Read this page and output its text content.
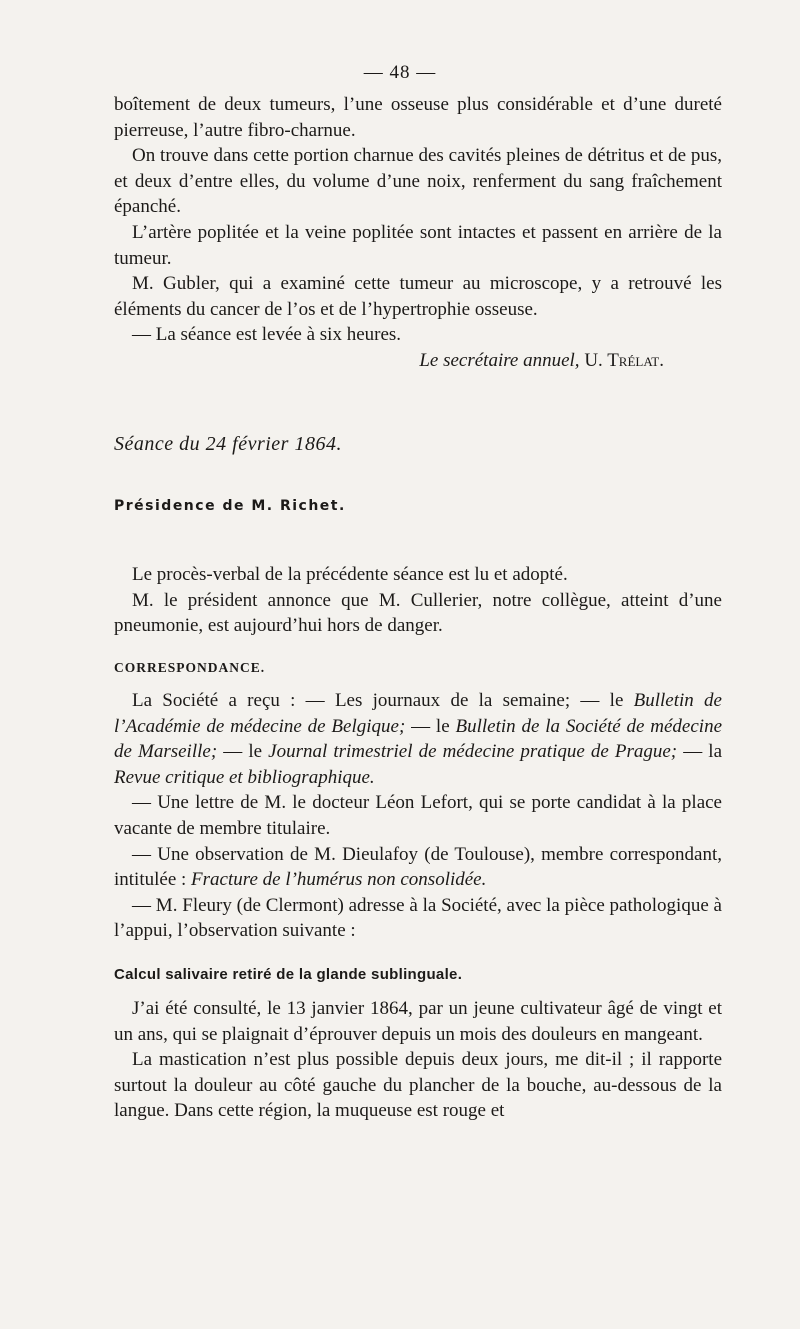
— 48 —

boîtement de deux tumeurs, l’une osseuse plus considérable et d’une dureté pierreuse, l’autre fibro-charnue.

On trouve dans cette portion charnue des cavités pleines de détritus et de pus, et deux d’entre elles, du volume d’une noix, renferment du sang fraîchement épanché.

L’artère poplitée et la veine poplitée sont intactes et passent en arrière de la tumeur.

M. Gubler, qui a examiné cette tumeur au microscope, y a retrouvé les éléments du cancer de l’os et de l’hypertrophie osseuse.

— La séance est levée à six heures.

Le secrétaire annuel, U. Trélat.

Séance du 24 février 1864.

Présidence de M. Richet.

Le procès-verbal de la précédente séance est lu et adopté.

M. le président annonce que M. Cullerier, notre collègue, atteint d’une pneumonie, est aujourd’hui hors de danger.

CORRESPONDANCE.

La Société a reçu : — Les journaux de la semaine; — le Bulletin de l’Académie de médecine de Belgique; — le Bulletin de la Société de médecine de Marseille; — le Journal trimestriel de médecine pratique de Prague; — la Revue critique et bibliographique.

— Une lettre de M. le docteur Léon Lefort, qui se porte candidat à la place vacante de membre titulaire.

— Une observation de M. Dieulafoy (de Toulouse), membre correspondant, intitulée : Fracture de l’humérus non consolidée.

— M. Fleury (de Clermont) adresse à la Société, avec la pièce pathologique à l’appui, l’observation suivante :

Calcul salivaire retiré de la glande sublinguale.

J’ai été consulté, le 13 janvier 1864, par un jeune cultivateur âgé de vingt et un ans, qui se plaignait d’éprouver depuis un mois des douleurs en mangeant.

La mastication n’est plus possible depuis deux jours, me dit-il ; il rapporte surtout la douleur au côté gauche du plancher de la bouche, au-dessous de la langue. Dans cette région, la muqueuse est rouge et
